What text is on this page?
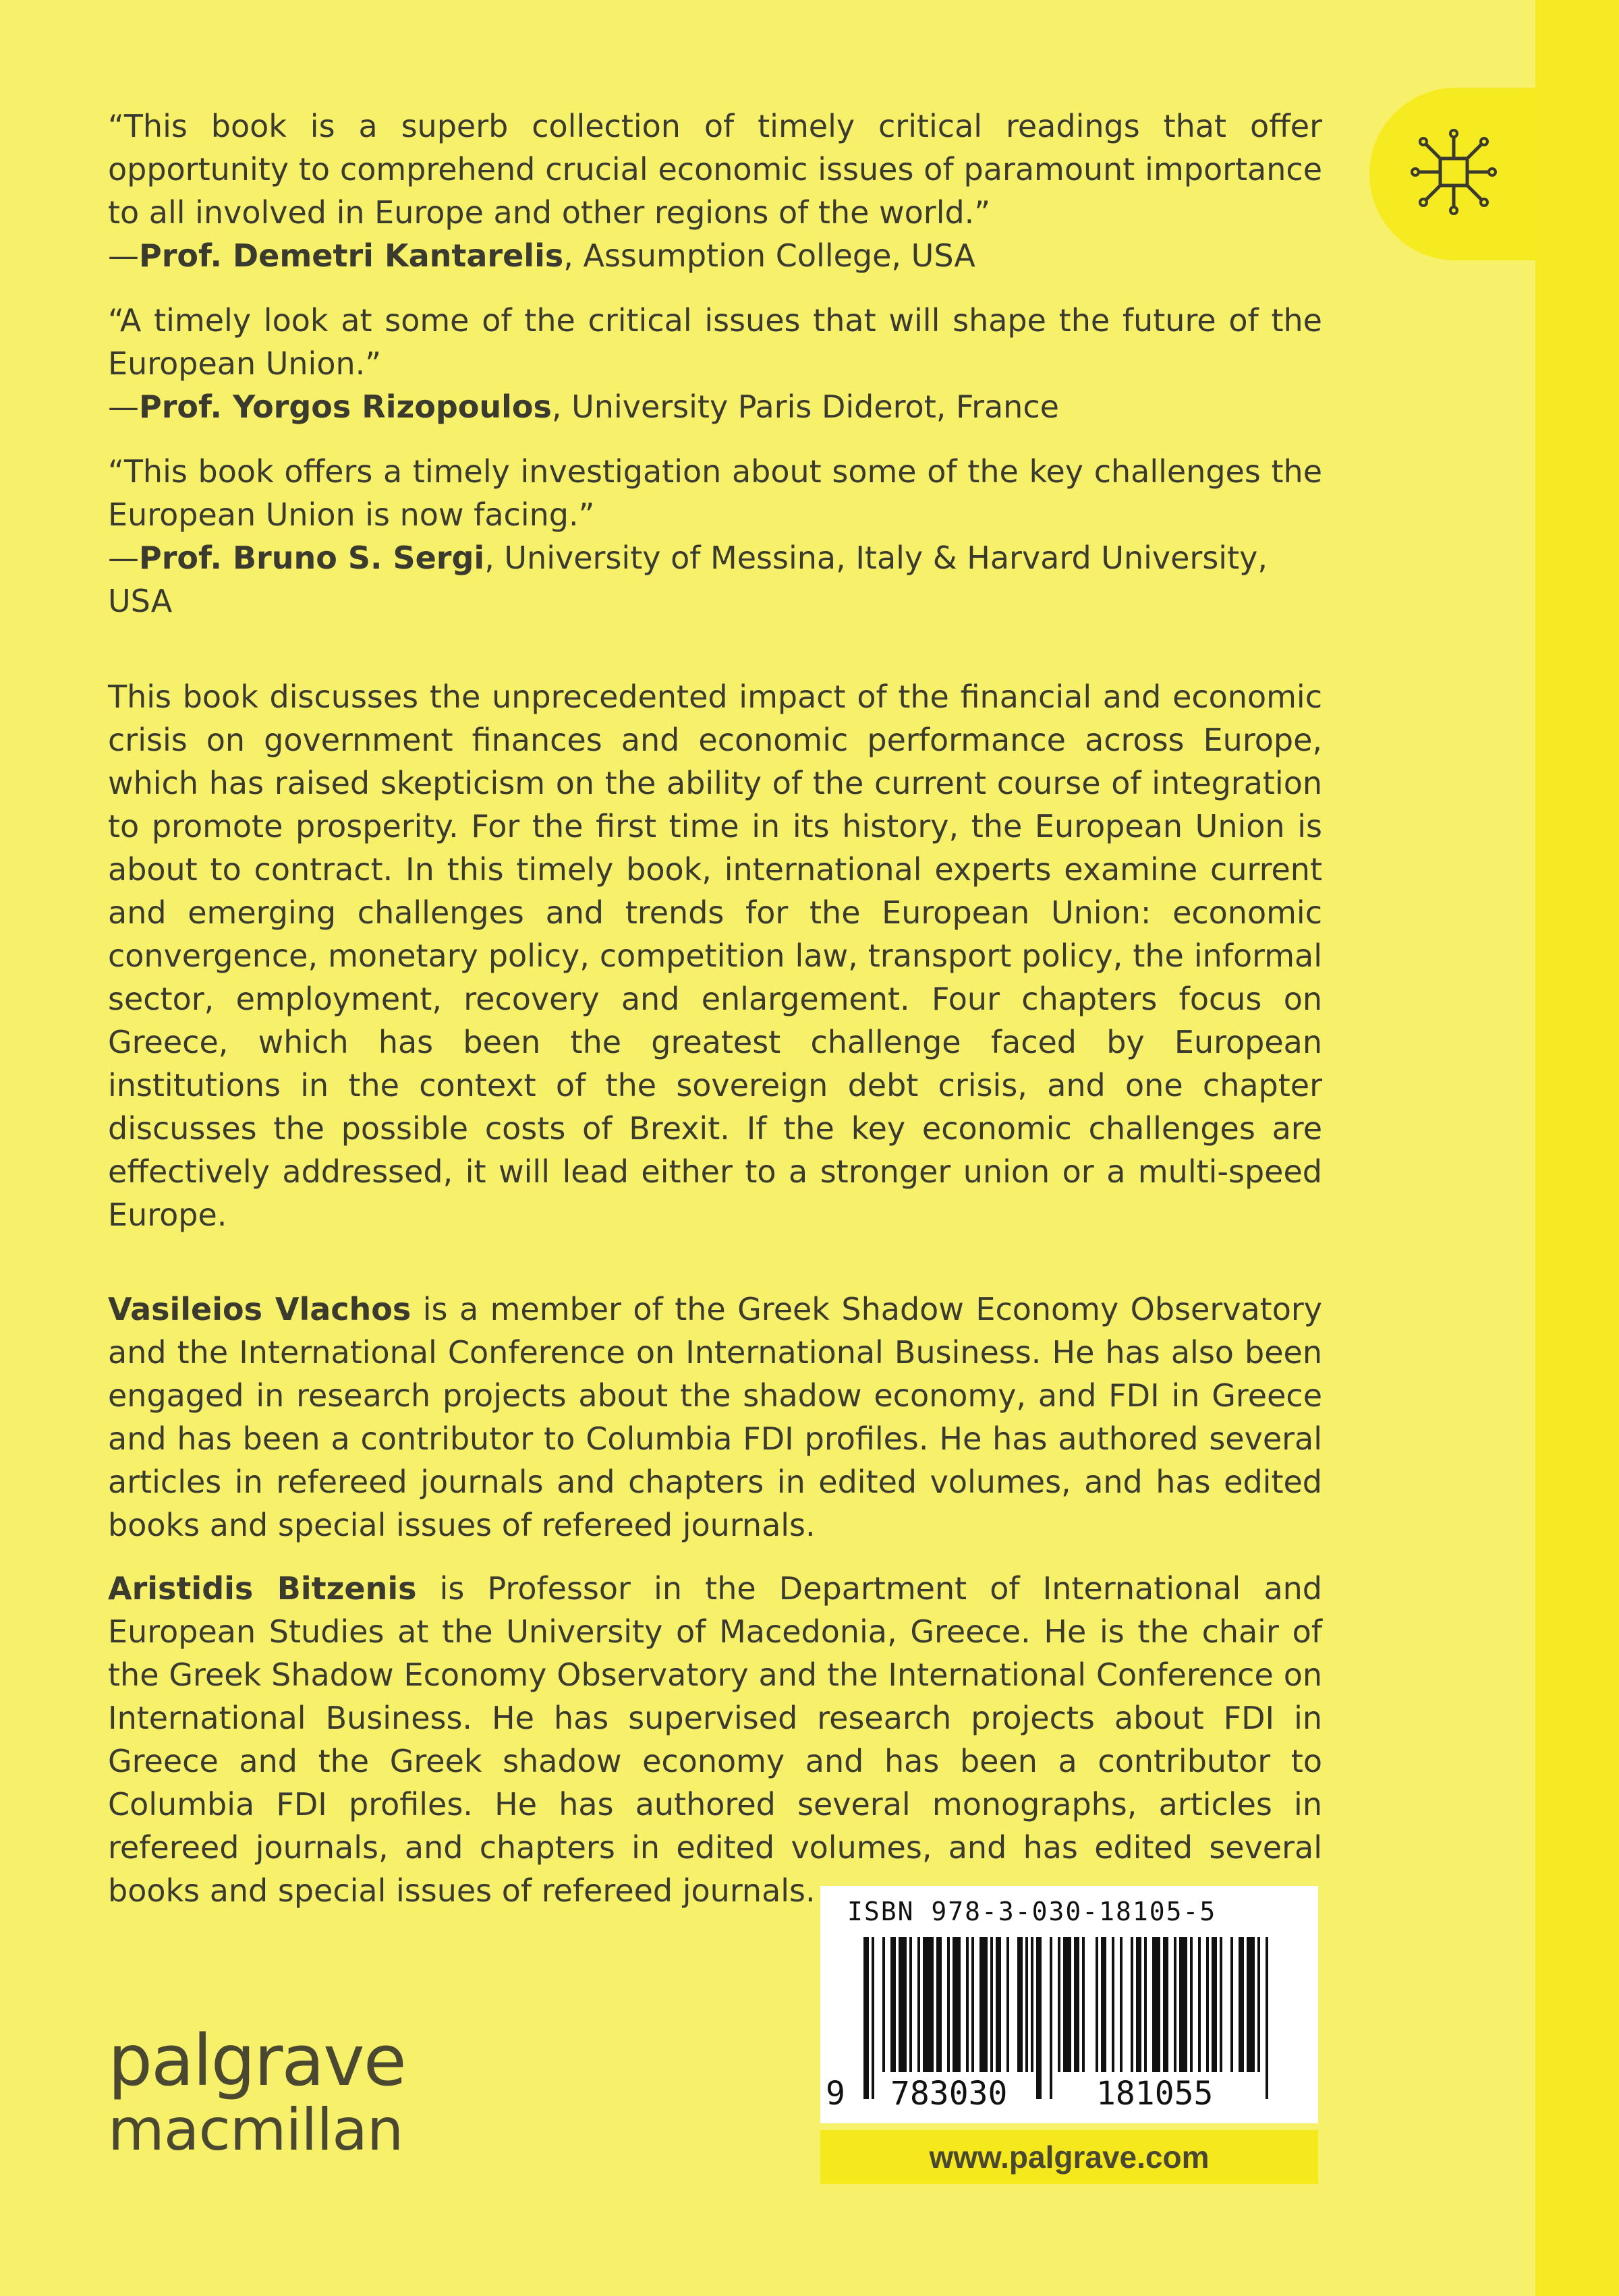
“This book is a superb collection of timely critical readings that offer opportunity to comprehend crucial economic issues of paramount importance to all involved in Europe and other regions of the world.”

—Prof. Demetri Kantarelis, Assumption College, USA

“A timely look at some of the critical issues that will shape the future of the European Union.”

—Prof. Yorgos Rizopoulos, University Paris Diderot, France

“This book offers a timely investigation about some of the key challenges the European Union is now facing.”

—Prof. Bruno S. Sergi, University of Messina, Italy & Harvard University, USA

This book discusses the unprecedented impact of the financial and economic crisis on government finances and economic performance across Europe, which has raised skepticism on the ability of the current course of integration to promote prosperity. For the first time in its history, the European Union is about to contract. In this timely book, international experts examine current and emerging challenges and trends for the European Union: economic convergence, monetary policy, competition law, transport policy, the informal sector, employment, recovery and enlargement. Four chapters focus on Greece, which has been the greatest challenge faced by European institutions in the context of the sovereign debt crisis, and one chapter discusses the possible costs of Brexit. If the key economic challenges are effectively addressed, it will lead either to a stronger union or a multi-speed Europe.

Vasileios Vlachos is a member of the Greek Shadow Economy Observatory and the International Conference on International Business. He has also been engaged in research projects about the shadow economy, and FDI in Greece and has been a contributor to Columbia FDI profiles. He has authored several articles in refereed journals and chapters in edited volumes, and has edited books and special issues of refereed journals.

Aristidis Bitzenis is Professor in the Department of International and European Studies at the University of Macedonia, Greece. He is the chair of the Greek Shadow Economy Observatory and the International Conference on International Business. He has supervised research projects about FDI in Greece and the Greek shadow economy and has been a contributor to Columbia FDI profiles. He has authored several monographs, articles in refereed journals, and chapters in edited volumes, and has edited several books and special issues of refereed journals.

ISBN 978-3-030-18105-5
9 783030	181055
www.palgrave.com
palgrave
macmillan
